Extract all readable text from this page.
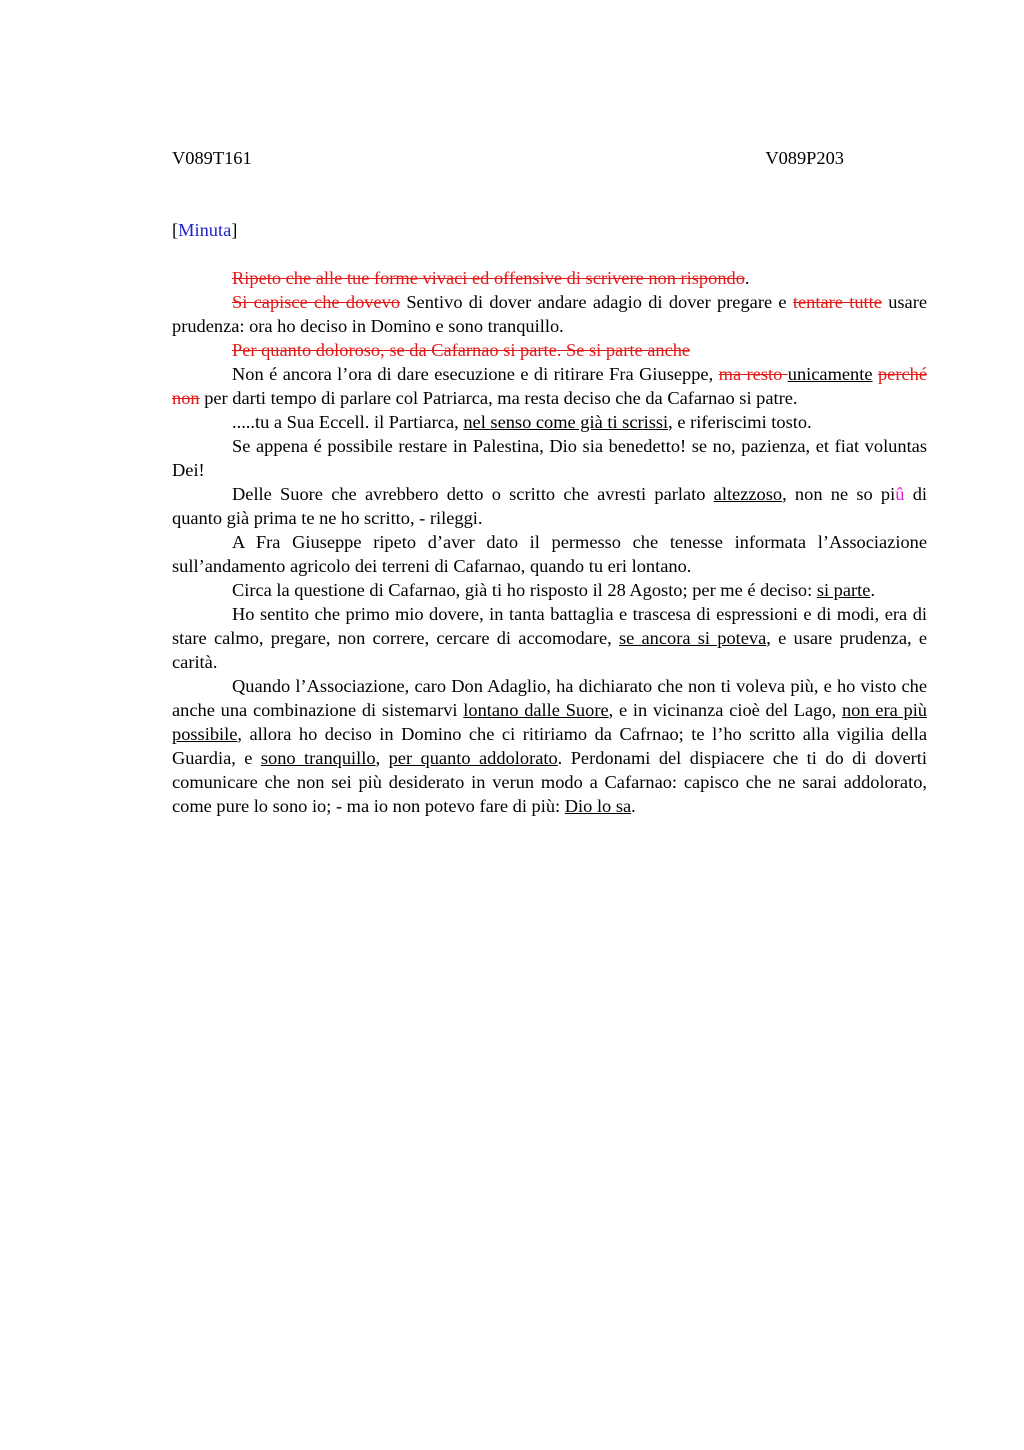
V089T161	V089P203
[Minuta]

Ripeto che alle tue forme vivaci ed offensive di scrivere non rispondo.

Si capisce che dovevo Sentivo di dover andare adagio di dover pregare e tentare tutte usare prudenza: ora ho deciso in Domino e sono tranquillo.

Per quanto doloroso, se da Cafarnao si parte. Se si parte anche

Non é ancora l’ora di dare esecuzione e di ritirare Fra Giuseppe, ma resto unicamente perché non per darti tempo di parlare col Patriarca, ma resta deciso che da Cafarnao si patre.

.....tu a Sua Eccell. il Partiarca, nel senso come già ti scrissi, e riferiscimi tosto.

Se appena é possibile restare in Palestina, Dio sia benedetto! se no, pazienza, et fiat voluntas Dei!

Delle Suore che avrebbero detto o scritto che avresti parlato altezzoso, non ne so piû di quanto già prima te ne ho scritto, - rileggi.

A Fra Giuseppe ripeto d’aver dato il permesso che tenesse informata l’Associazione sull’andamento agricolo dei terreni di Cafarnao, quando tu eri lontano.

Circa la questione di Cafarnao, già ti ho risposto il 28 Agosto; per me é deciso: si parte.

Ho sentito che primo mio dovere, in tanta battaglia e trascesa di espressioni e di modi, era di stare calmo, pregare, non correre, cercare di accomodare, se ancora si poteva, e usare prudenza, e carità.

Quando l’Associazione, caro Don Adaglio, ha dichiarato che non ti voleva più, e ho visto che anche una combinazione di sistemarvi lontano dalle Suore, e in vicinanza cioè del Lago, non era più possibile, allora ho deciso in Domino che ci ritiriamo da Cafrnao; te l’ho scritto alla vigilia della Guardia, e sono tranquillo, per quanto addolorato. Perdonami del dispiacere che ti do di doverti comunicare che non sei più desiderato in verun modo a Cafarnao: capisco che ne sarai addolorato, come pure lo sono io; - ma io non potevo fare di più: Dio lo sa.
